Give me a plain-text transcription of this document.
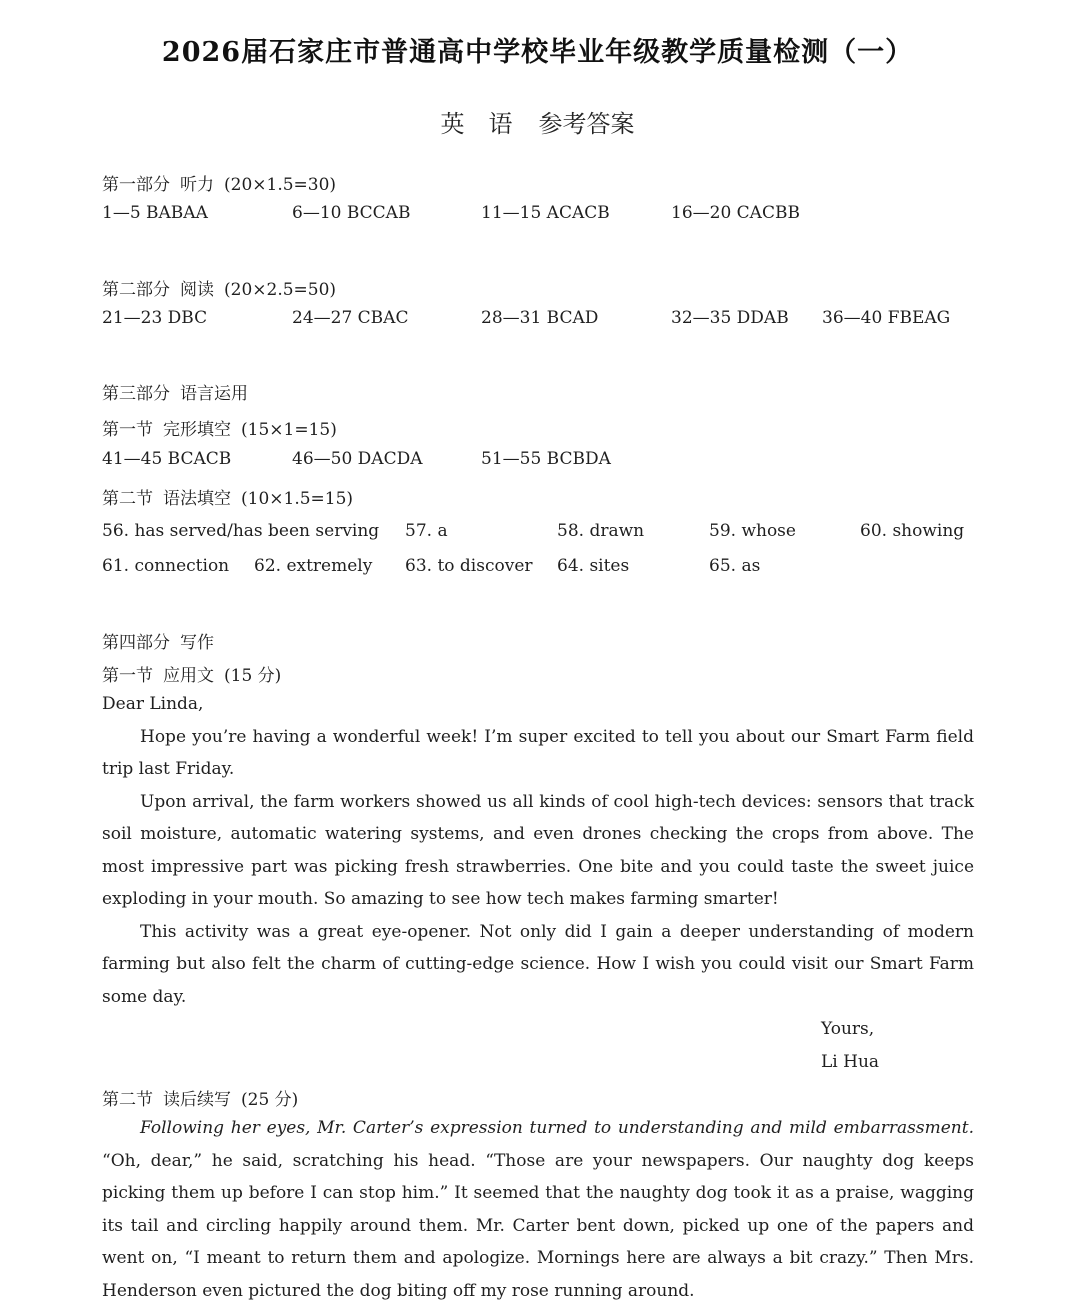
2026届石家庄市普通高中学校毕业年级教学质量检测（一）
英　语 参考答案
第一部分 听力 (20×1.5=30)
1—5 BABAA	6—10 BCCAB	11—15 ACACB	16—20 CACBB
第二部分 阅读 (20×2.5=50)
21—23 DBC	24—27 CBAC	28—31 BCAD	32—35 DDAB 36—40 FBEAG
第三部分 语言运用
第一节 完形填空 (15×1=15)
41—45 BCACB	46—50 DACDA	51—55 BCBDA
第二节 语法填空 (10×1.5=15)
56. has served/has been serving 57. a	58. drawn	59. whose	60. showing
61. connection 62. extremely 63. to discover 64. sites	65. as
第四部分 写作
第一节 应用文 (15 分)

Dear Linda,

Hope you’re having a wonderful week! I’m super excited to tell you about our Smart Farm field trip last Friday.

Upon arrival, the farm workers showed us all kinds of cool high-tech devices: sensors that track soil moisture, automatic watering systems, and even drones checking the crops from above. The most impressive part was picking fresh strawberries. One bite and you could taste the sweet juice exploding in your mouth. So amazing to see how tech makes farming smarter!

This activity was a great eye-opener. Not only did I gain a deeper understanding of modern farming but also felt the charm of cutting-edge science. How I wish you could visit our Smart Farm some day.

Yours,

Li Hua

第二节 读后续写 (25 分)

Following her eyes, Mr. Carter’s expression turned to understanding and mild embarrassment. “Oh, dear,” he said, scratching his head. “Those are your newspapers. Our naughty dog keeps picking them up before I can stop him.” It seemed that the naughty dog took it as a praise, wagging its tail and circling happily around them. Mr. Carter bent down, picked up one of the papers and went on, “I meant to return them and apologize. Mornings here are always a bit crazy.” Then Mrs. Henderson even pictured the dog biting off my rose running around.
